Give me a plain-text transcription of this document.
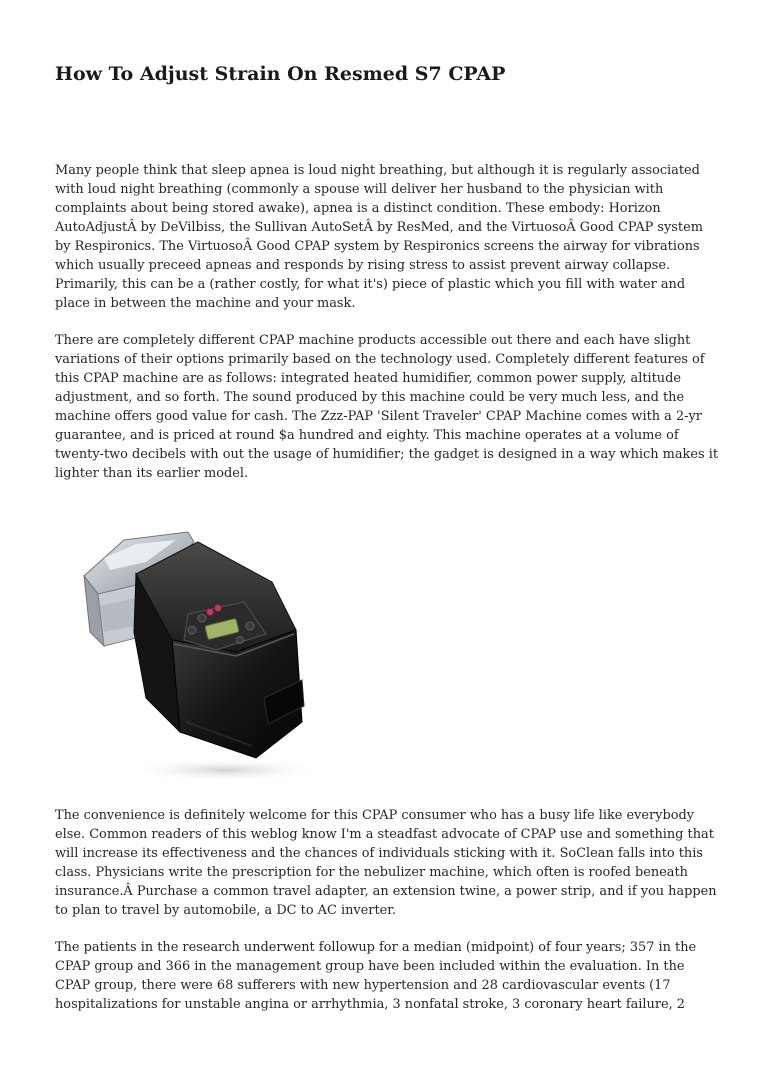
How To Adjust Strain On Resmed S7 CPAP

Many people think that sleep apnea is loud night breathing, but although it is regularly associated with loud night breathing (commonly a spouse will deliver her husband to the physician with complaints about being stored awake), apnea is a distinct condition. These embody: Horizon AutoAdjustÂ by DeVilbiss, the Sullivan AutoSetÂ by ResMed, and the VirtuosoÂ Good CPAP system by Respironics. The VirtuosoÂ Good CPAP system by Respironics screens the airway for vibrations which usually preceed apneas and responds by rising stress to assist prevent airway collapse. Primarily, this can be a (rather costly, for what it's) piece of plastic which you fill with water and place in between the machine and your mask.

There are completely different CPAP machine products accessible out there and each have slight variations of their options primarily based on the technology used. Completely different features of this CPAP machine are as follows: integrated heated humidifier, common power supply, altitude adjustment, and so forth. The sound produced by this machine could be very much less, and the machine offers good value for cash. The Zzz-PAP 'Silent Traveler' CPAP Machine comes with a 2-yr guarantee, and is priced at round $a hundred and eighty. This machine operates at a volume of twenty-two decibels with out the usage of humidifier; the gadget is designed in a way which makes it lighter than its earlier model.

The convenience is definitely welcome for this CPAP consumer who has a busy life like everybody else. Common readers of this weblog know I'm a steadfast advocate of CPAP use and something that will increase its effectiveness and the chances of individuals sticking with it. SoClean falls into this class. Physicians write the prescription for the nebulizer machine, which often is roofed beneath insurance.Â Purchase a common travel adapter, an extension twine, a power strip, and if you happen to plan to travel by automobile, a DC to AC inverter.

The patients in the research underwent followup for a median (midpoint) of four years; 357 in the CPAP group and 366 in the management group have been included within the evaluation. In the CPAP group, there were 68 sufferers with new hypertension and 28 cardiovascular events (17 hospitalizations for unstable angina or arrhythmia, 3 nonfatal stroke, 3 coronary heart failure, 2
